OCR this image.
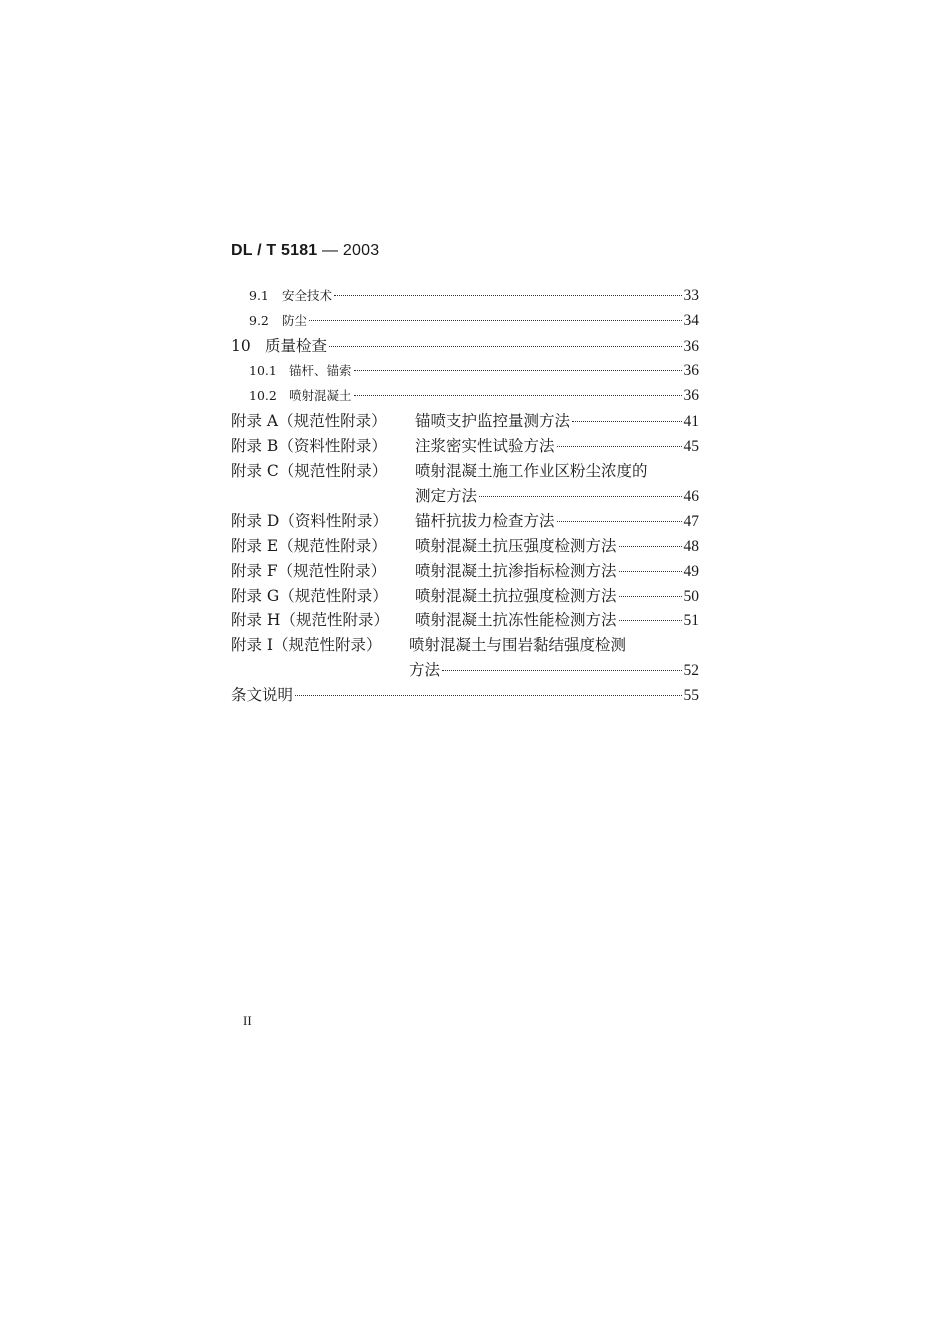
DL / T 5181 — 2003
9.1 安全技术	33
9.2 防尘	34
10 质量检查	36
10.1 锚杆、锚索	36
10.2 喷射混凝土	36
附录 A（规范性附录） 锚喷支护监控量测方法	41
附录 B（资料性附录） 注浆密实性试验方法	45
附录 C（规范性附录） 喷射混凝土施工作业区粉尘浓度的
测定方法	46
附录 D（资料性附录） 锚杆抗拔力检查方法	47
附录 E（规范性附录） 喷射混凝土抗压强度检测方法	48
附录 F（规范性附录） 喷射混凝土抗渗指标检测方法	49
附录 G（规范性附录） 喷射混凝土抗拉强度检测方法	50
附录 H（规范性附录） 喷射混凝土抗冻性能检测方法	51
附录 I（规范性附录） 喷射混凝土与围岩黏结强度检测
方法	52
条文说明	55
II
